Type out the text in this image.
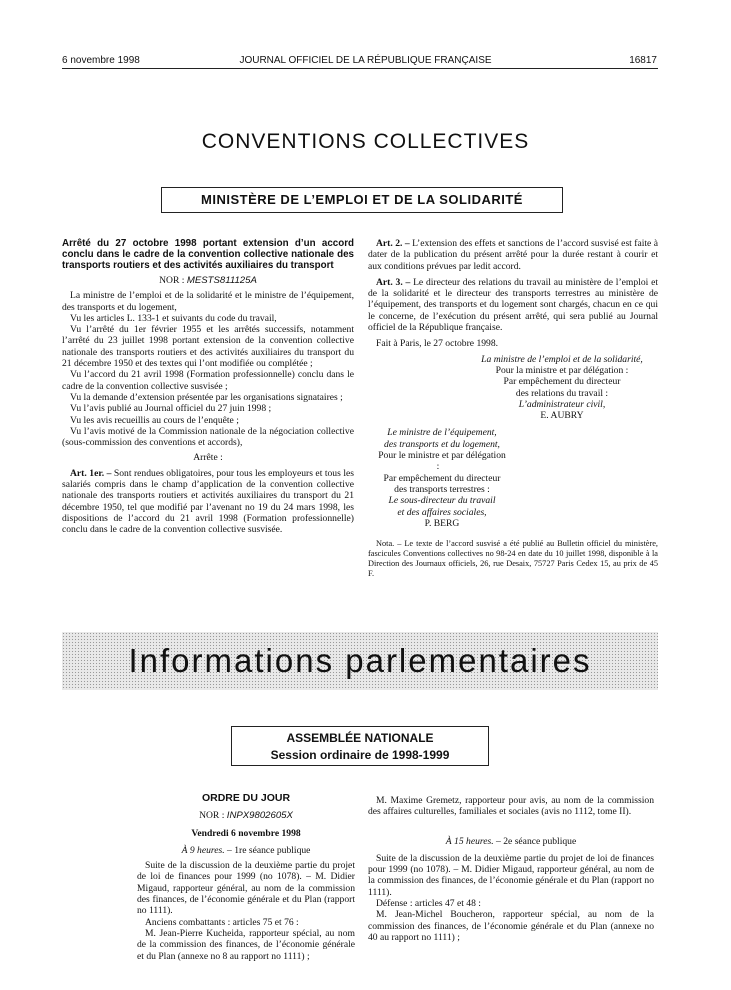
6 novembre 1998	JOURNAL OFFICIEL DE LA RÉPUBLIQUE FRANÇAISE	16817
CONVENTIONS COLLECTIVES
MINISTÈRE DE L’EMPLOI ET DE LA SOLIDARITÉ
Arrêté du 27 octobre 1998 portant extension d’un accord conclu dans le cadre de la convention collective nationale des transports routiers et des activités auxiliaires du transport
NOR : MESTS811125A

La ministre de l’emploi et de la solidarité et le ministre de l’équipement, des transports et du logement,

Vu les articles L. 133-1 et suivants du code du travail,

Vu l’arrêté du 1er février 1955 et les arrêtés successifs, notamment l’arrêté du 23 juillet 1998 portant extension de la convention collective nationale des transports routiers et des activités auxiliaires du transport du 21 décembre 1950 et des textes qui l’ont modifiée ou complétée ;

Vu l’accord du 21 avril 1998 (Formation professionnelle) conclu dans le cadre de la convention collective susvisée ;

Vu la demande d’extension présentée par les organisations signataires ;

Vu l’avis publié au Journal officiel du 27 juin 1998 ;

Vu les avis recueillis au cours de l’enquête ;

Vu l’avis motivé de la Commission nationale de la négociation collective (sous-commission des conventions et accords),

Arrête :

Art. 1er. – Sont rendues obligatoires, pour tous les employeurs et tous les salariés compris dans le champ d’application de la convention collective nationale des transports routiers et activités auxiliaires du transport du 21 décembre 1950, tel que modifié par l’avenant no 19 du 24 mars 1998, les dispositions de l’accord du 21 avril 1998 (Formation professionnelle) conclu dans le cadre de la convention collective susvisée.

Art. 2. – L’extension des effets et sanctions de l’accord susvisé est faite à dater de la publication du présent arrêté pour la durée restant à courir et aux conditions prévues par ledit accord.

Art. 3. – Le directeur des relations du travail au ministère de l’emploi et de la solidarité et le directeur des transports terrestres au ministère de l’équipement, des transports et du logement sont chargés, chacun en ce qui le concerne, de l’exécution du présent arrêté, qui sera publié au Journal officiel de la République française.

Fait à Paris, le 27 octobre 1998.

La ministre de l’emploi et de la solidarité,

Pour la ministre et par délégation :

Par empêchement du directeur

des relations du travail :

L’administrateur civil,

E. AUBRY

Le ministre de l’équipement,

des transports et du logement,

Pour le ministre et par délégation :

Par empêchement du directeur

des transports terrestres :

Le sous-directeur du travail

et des affaires sociales,

P. BERG

Nota. – Le texte de l’accord susvisé a été publié au Bulletin officiel du ministère, fascicules Conventions collectives no 98-24 en date du 10 juillet 1998, disponible à la Direction des Journaux officiels, 26, rue Desaix, 75727 Paris Cedex 15, au prix de 45 F.

Informations parlementaires
ASSEMBLÉE NATIONALE
Session ordinaire de 1998-1999
ORDRE DU JOUR
NOR : INPX9802605X

Vendredi 6 novembre 1998

À 9 heures. – 1re séance publique

Suite de la discussion de la deuxième partie du projet de loi de finances pour 1999 (no 1078). – M. Didier Migaud, rapporteur général, au nom de la commission des finances, de l’économie générale et du Plan (rapport no 1111).

Anciens combattants : articles 75 et 76 :

M. Jean-Pierre Kucheida, rapporteur spécial, au nom de la commission des finances, de l’économie générale et du Plan (annexe no 8 au rapport no 1111) ;

M. Maxime Gremetz, rapporteur pour avis, au nom de la commission des affaires culturelles, familiales et sociales (avis no 1112, tome II).

À 15 heures. – 2e séance publique

Suite de la discussion de la deuxième partie du projet de loi de finances pour 1999 (no 1078). – M. Didier Migaud, rapporteur général, au nom de la commission des finances, de l’économie générale et du Plan (rapport no 1111).

Défense : articles 47 et 48 :

M. Jean-Michel Boucheron, rapporteur spécial, au nom de la commission des finances, de l’économie générale et du Plan (annexe no 40 au rapport no 1111) ;
